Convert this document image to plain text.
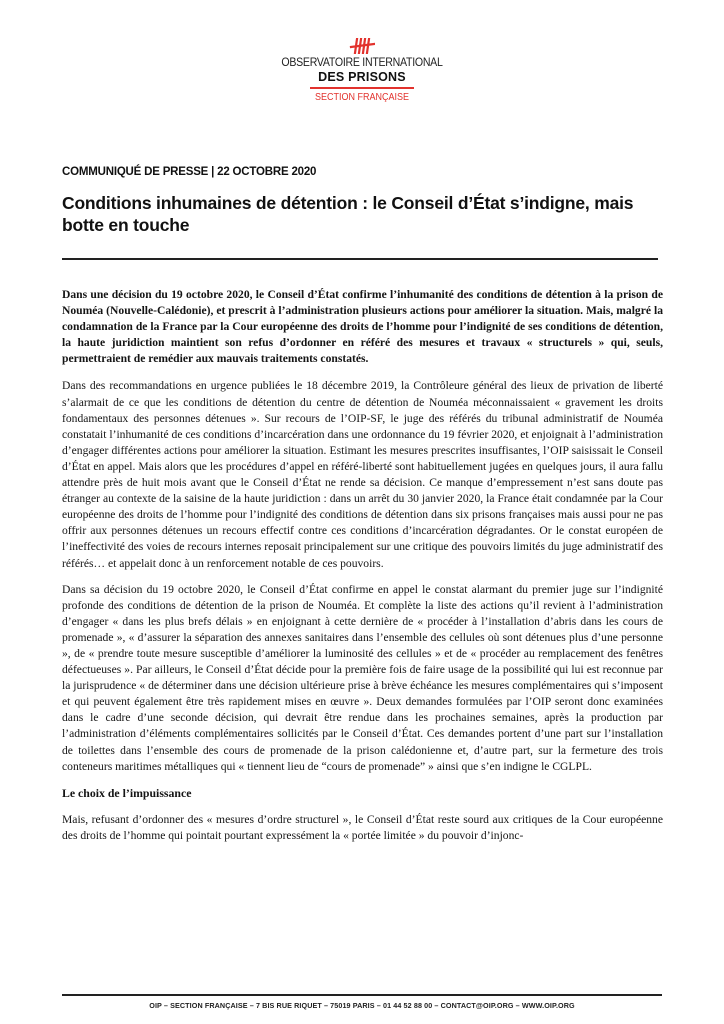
OBSERVATOIRE INTERNATIONAL
DES PRISONS
SECTION FRANÇAISE
COMMUNIQUÉ DE PRESSE | 22 OCTOBRE 2020
Conditions inhumaines de détention : le Conseil d’État s’indigne, mais botte en touche

Dans une décision du 19 octobre 2020, le Conseil d’État confirme l’inhumanité des conditions de détention à la prison de Nouméa (Nouvelle-Calédonie), et prescrit à l’administration plusieurs actions pour améliorer la situation. Mais, malgré la condamnation de la France par la Cour européenne des droits de l’homme pour l’indignité de ses conditions de détention, la haute juridiction maintient son refus d’ordonner en référé des mesures et travaux « structurels » qui, seuls, permettraient de remédier aux mauvais traitements constatés.

Dans des recommandations en urgence publiées le 18 décembre 2019, la Contrôleure général des lieux de privation de liberté s’alarmait de ce que les conditions de détention du centre de détention de Nouméa méconnaissaient « gravement les droits fondamentaux des personnes détenues ». Sur recours de l’OIP-SF, le juge des référés du tribunal administratif de Nouméa constatait l’inhumanité de ces conditions d’incarcération dans une ordonnance du 19 février 2020, et enjoignait à l’administration d’engager différentes actions pour améliorer la situation. Estimant les mesures prescrites insuffisantes, l’OIP saisissait le Conseil d’État en appel. Mais alors que les procédures d’appel en référé-liberté sont habituellement jugées en quelques jours, il aura fallu attendre près de huit mois avant que le Conseil d’État ne rende sa décision. Ce manque d’empressement n’est sans doute pas étranger au contexte de la saisine de la haute juridiction : dans un arrêt du 30 janvier 2020, la France était condamnée par la Cour européenne des droits de l’homme pour l’indignité des conditions de détention dans six prisons françaises mais aussi pour ne pas offrir aux personnes détenues un recours effectif contre ces conditions d’incarcération dégradantes. Or le constat européen de l’ineffectivité des voies de recours internes reposait principalement sur une critique des pouvoirs limités du juge administratif des référés… et appelait donc à un renforcement notable de ces pouvoirs.

Dans sa décision du 19 octobre 2020, le Conseil d’État confirme en appel le constat alarmant du premier juge sur l’indignité profonde des conditions de détention de la prison de Nouméa. Et complète la liste des actions qu’il revient à l’administration d’engager « dans les plus brefs délais » en enjoignant à cette dernière de « procéder à l’installation d’abris dans les cours de promenade », « d’assurer la séparation des annexes sanitaires dans l’ensemble des cellules où sont détenues plus d’une personne », de « prendre toute mesure susceptible d’améliorer la luminosité des cellules » et de « procéder au remplacement des fenêtres défectueuses ». Par ailleurs, le Conseil d’État décide pour la première fois de faire usage de la possibilité qui lui est reconnue par la jurisprudence « de déterminer dans une décision ultérieure prise à brève échéance les mesures complémentaires qui s’imposent et qui peuvent également être très rapidement mises en œuvre ». Deux demandes formulées par l’OIP seront donc examinées dans le cadre d’une seconde décision, qui devrait être rendue dans les prochaines semaines, après la production par l’administration d’éléments complémentaires sollicités par le Conseil d’État. Ces demandes portent d’une part sur l’installation de toilettes dans l’ensemble des cours de promenade de la prison calédonienne et, d’autre part, sur la fermeture des trois conteneurs maritimes métalliques qui « tiennent lieu de “cours de promenade” » ainsi que s’en indigne le CGLPL.

Le choix de l’impuissance

Mais, refusant d’ordonner des « mesures d’ordre structurel », le Conseil d’État reste sourd aux critiques de la Cour européenne des droits de l’homme qui pointait pourtant expressément la « portée limitée » du pouvoir d’injonc-

OIP – SECTION FRANÇAISE – 7 BIS RUE RIQUET – 75019 PARIS – 01 44 52 88 00 – CONTACT@OIP.ORG – WWW.OIP.ORG
